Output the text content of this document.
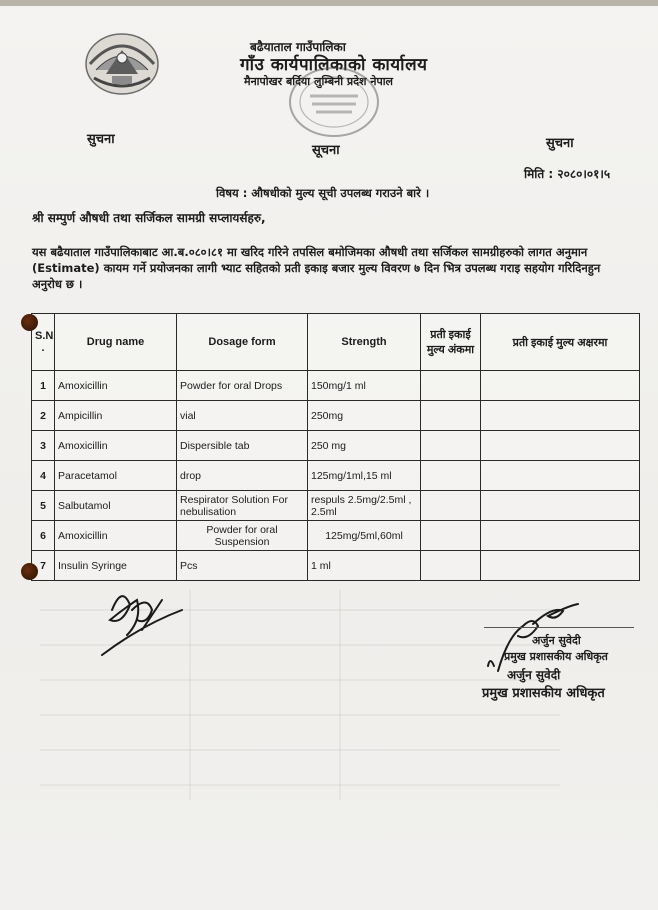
बढैयाताल गाउँपालिका
गाँउ कार्यपालिकाको कार्यालय
मैनापोखर बर्दिया लुम्बिनी प्रदेश नेपाल
सुचना
सूचना	सुचना
मिति : २०८०।०१।५
विषय : औषधीको मुल्य सूची उपलब्ध गराउने बारे ।
श्री सम्पुर्ण औषधी तथा सर्जिकल सामग्री सप्लायर्सहरु,
यस बढैयाताल गाउँपालिकाबाट आ.ब.०८०।८१ मा खरिद गरिने तपसिल बमोजिमका औषधी तथा सर्जिकल सामग्रीहरुको लागत अनुमान (Estimate) कायम गर्ने प्रयोजनका लागी भ्याट सहितको प्रती इकाइ बजार मुल्य विवरण ७ दिन भित्र उपलब्ध गराइ सहयोग गरिदिनहुन अनुरोध छ ।
S.N .	Drug name	Dosage form	Strength	प्रती इकाई मुल्य अंकमा	प्रती इकाई मुल्य अक्षरमा
1	Amoxicillin	Powder for oral Drops	150mg/1 ml		
2	Ampicillin	vial	250mg		
3	Amoxicillin	Dispersible tab	250 mg		
4	Paracetamol	drop	125mg/1ml,15 ml		
5	Salbutamol	Respirator Solution For nebulisation	respuls 2.5mg/2.5ml , 2.5ml		
6	Amoxicillin	Powder for oral Suspension	125mg/5ml,60ml		
7	Insulin Syringe	Pcs	1 ml		
अर्जुन सुवेदी
प्रमुख प्रशासकीय अधिकृत
अर्जुन सुवेदी
प्रमुख प्रशासकीय अधिकृत
